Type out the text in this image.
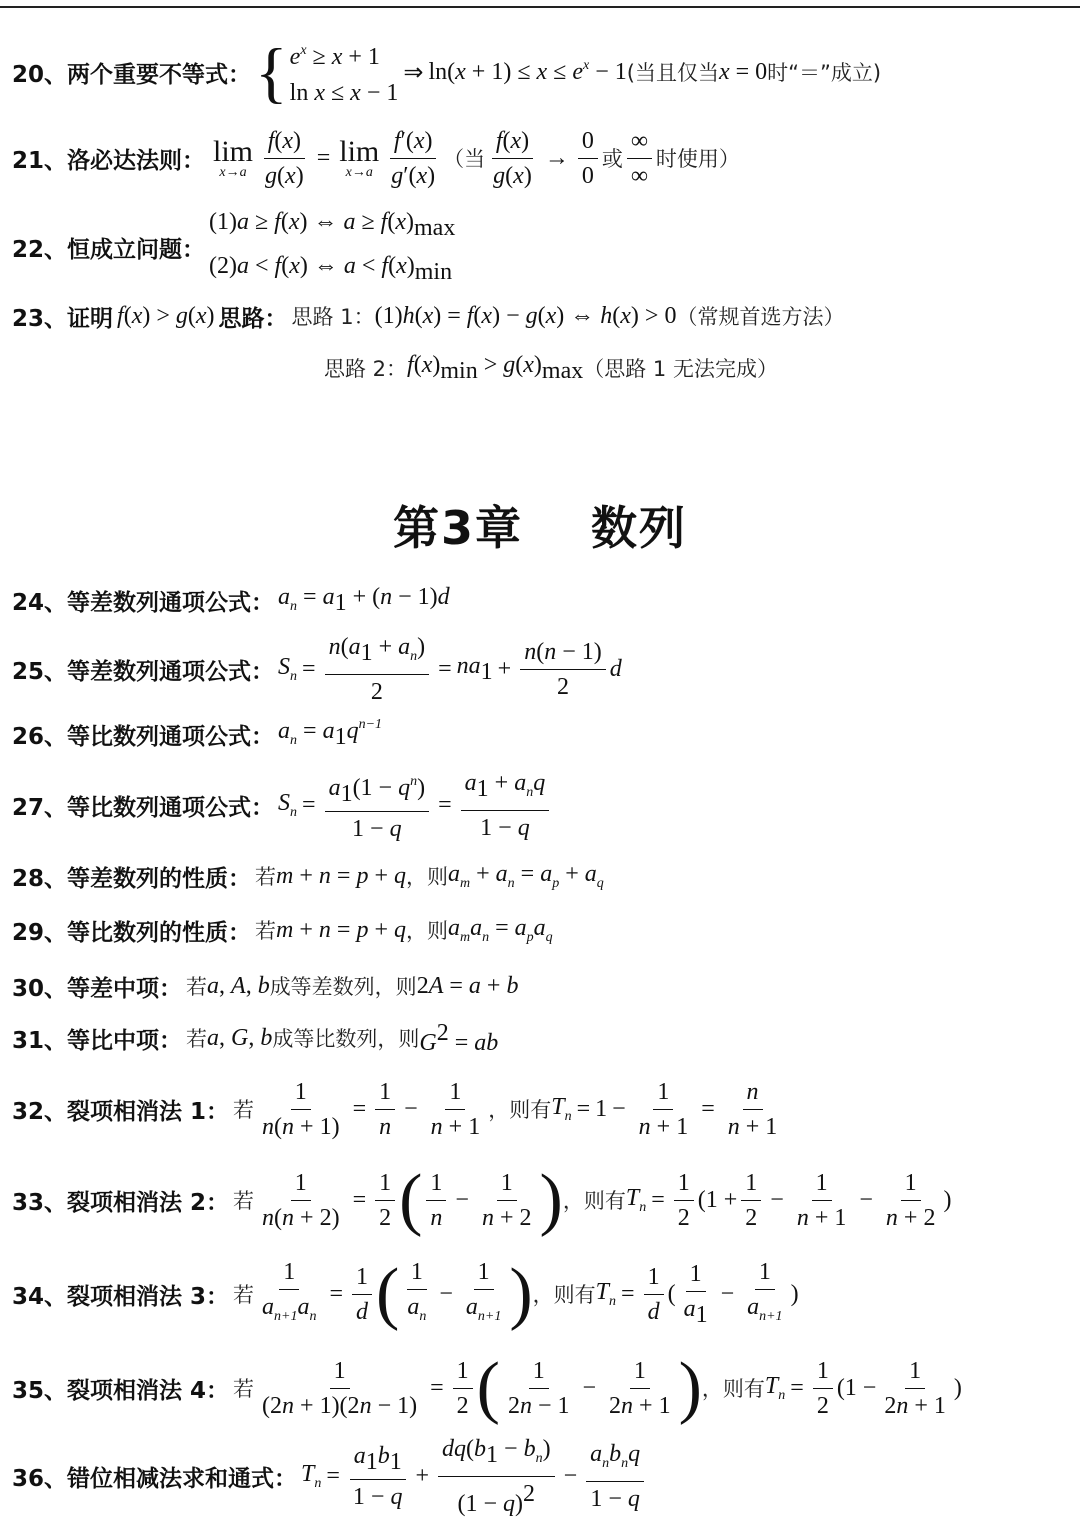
20、两个重要不等式： { $e^x \ge x + 1$
ln x ≤ x − 1
⇒ $\ln(x + 1) \le x \le e^x - 1$ (当且仅当 x = 0 时“＝”成立)
21、洛必达法则： lim
$x\to a \frac{f(x)}{g(x)} = \lim$
$x\to a \frac{f'(x)}{g'(x)}$ （当 $\frac{f(x)}{g(x)} \to \frac{0}{0}$ 或 $\frac{\infty}{\infty}$ 时使用）
22、恒成立问题：
(1)a ≥ f(x) ⇔ $a \ge f(x)_{max}$
(2)a < f(x) ⇔ $a < f(x)_{min}$
23、证明 f(x) > g(x) 思路： 思路 1： (1)h(x) = f(x) − g(x) ⇔ h(x) > 0 （常规首选方法）
思路 2： $f(x)_{min} > g(x)_{max}$ （思路 1 无法完成）
第3章 数列
24、等差数列通项公式： $a_n = a_1 + (n - 1)d$
25、等差数列通项公式： $S_n = \frac{n(a_1 + a_n)}{2} = na_1 + \frac{n(n - 1)}{2}$ d
26、等比数列通项公式： $a_n = a_1q^{n-1}$
27、等比数列通项公式： $S_n = \frac{a_1(1 - q^n)}{1 - q} = \frac{a_1 + a_nq}{1 - q}$
28、等差数列的性质： 若 m + n = p + q ，则 $a_m + a_n = a_p + a_q$
29、等比数列的性质： 若 m + n = p + q ，则 $a_ma_n = a_pa_q$
30、等差中项： 若 a, A, b 成等差数列，则 2A = a + b
31、等比中项： 若 a, G, b 成等比数列，则 $G^2$ = ab
32、裂项相消法 1： 若 $\frac{1}{n(n + 1)} = \frac{1}{n} - \frac{1}{n + 1}$ ，则有 $T_n = 1 - \frac{1}{n + 1} = \frac{n}{n + 1}$
33、裂项相消法 2： 若 $\frac{1}{n(n + 2)} = \frac{1}{2}$ ( $\frac{1}{n} - \frac{1}{n + 2}$ ) ，则有 $T_n = \frac{1}{2} (1 + \frac{1}{2} - \frac{1}{n + 1} - \frac{1}{n + 2}$ )
34、裂项相消法 3： 若 $\frac{1}{a_{n+1}a_n} = \frac{1}{d}$ ( $\frac{1}{a_n} - \frac{1}{a_{n+1}}$ ) ，则有 $T_n = \frac{1}{d}$ ( $\frac{1}{a_1} - \frac{1}{a_{n+1}}$ )
35、裂项相消法 4： 若 $\frac{1}{(2n + 1)(2n - 1)} = \frac{1}{2}$ ( $\frac{1}{2n - 1} - \frac{1}{2n + 1}$ ) ，则有 $T_n = \frac{1}{2} (1 - \frac{1}{2n + 1}$ )
36、错位相减法求和通式： $T_n = \frac{a_1b_1}{1 - q} + \frac{dq(b_1 - b_n)}{(1 - q)^2} - \frac{a_nb_nq}{1 - q}$
